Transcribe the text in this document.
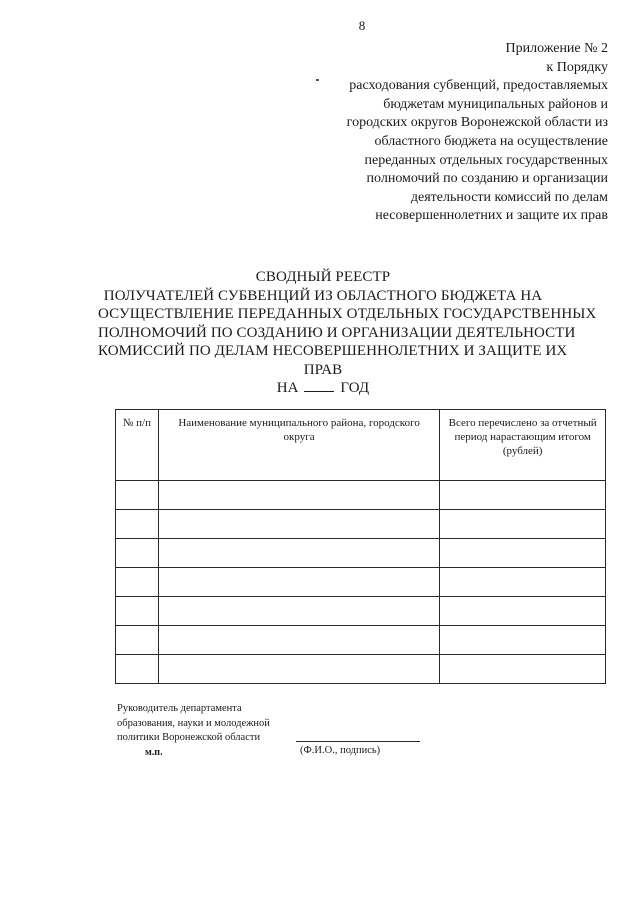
8
Приложение № 2
к Порядку
расходования субвенций, предоставляемых
бюджетам муниципальных районов и
городских округов Воронежской области из
областного бюджета на осуществление
переданных отдельных государственных
полномочий по созданию и организации
деятельности комиссий по делам
несовершеннолетних и защите их прав
СВОДНЫЙ РЕЕСТР
ПОЛУЧАТЕЛЕЙ СУБВЕНЦИЙ ИЗ ОБЛАСТНОГО БЮДЖЕТА НА
ОСУЩЕСТВЛЕНИЕ ПЕРЕДАННЫХ ОТДЕЛЬНЫХ ГОСУДАРСТВЕННЫХ
ПОЛНОМОЧИЙ ПО СОЗДАНИЮ И ОРГАНИЗАЦИИ ДЕЯТЕЛЬНОСТИ
КОМИССИЙ ПО ДЕЛАМ НЕСОВЕРШЕННОЛЕТНИХ И ЗАЩИТЕ ИХ
ПРАВ
НА	ГОД
№ п/п	Наименование муниципального района, городского округа	Всего перечислено за отчетный период нарастающим итогом (рублей)

Руководитель департамента
образования, науки и молодежной
политики Воронежской области
м.п.	(Ф.И.О., подпись)
